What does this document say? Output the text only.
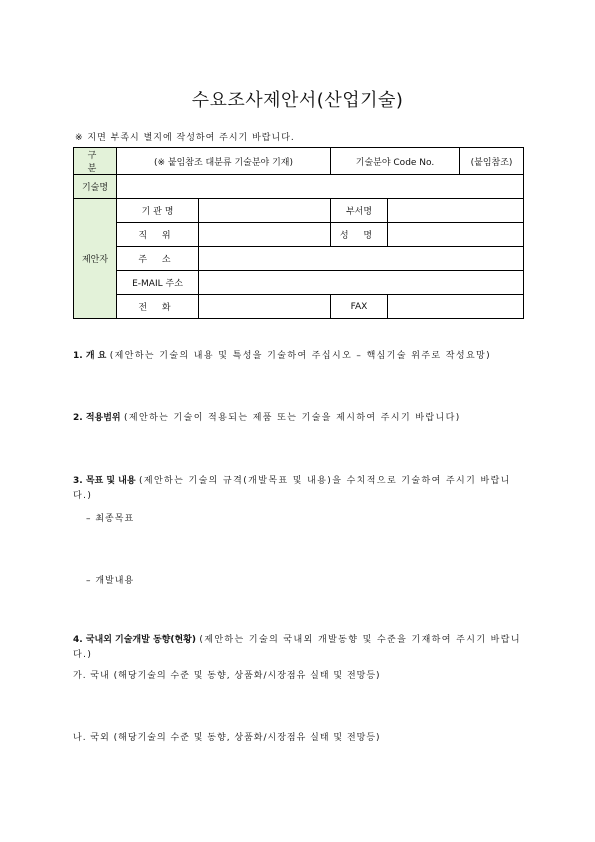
수요조사제안서(산업기술)
※ 지면 부족시 별지에 작성하여 주시기 바랍니다.
구 분	(※ 붙임참조 대분류 기술분야 기재)		기술분야 Code No.		(붙임참조)
기술명					
제안자	기 관 명		부서명		
	직 위		성 명		
	주 소				
	E-MAIL 주소				
	전 화		FAX		
1. 개 요 (제안하는 기술의 내용 및 특성을 기술하여 주십시오 – 핵심기술 위주로 작성요망)
2. 적용범위 (제안하는 기술이 적용되는 제품 또는 기술을 제시하여 주시기 바랍니다)
3. 목표 및 내용 (제안하는 기술의 규격(개발목표 및 내용)을 수치적으로 기술하여 주시기 바랍니다.)
– 최종목표
– 개발내용
4. 국내외 기술개발 동향(현황) (제안하는 기술의 국내외 개발동향 및 수준을 기재하여 주시기 바랍니다.)
가. 국내 (해당기술의 수준 및 동향, 상품화/시장점유 실태 및 전망등)
나. 국외 (해당기술의 수준 및 동향, 상품화/시장점유 실태 및 전망등)
